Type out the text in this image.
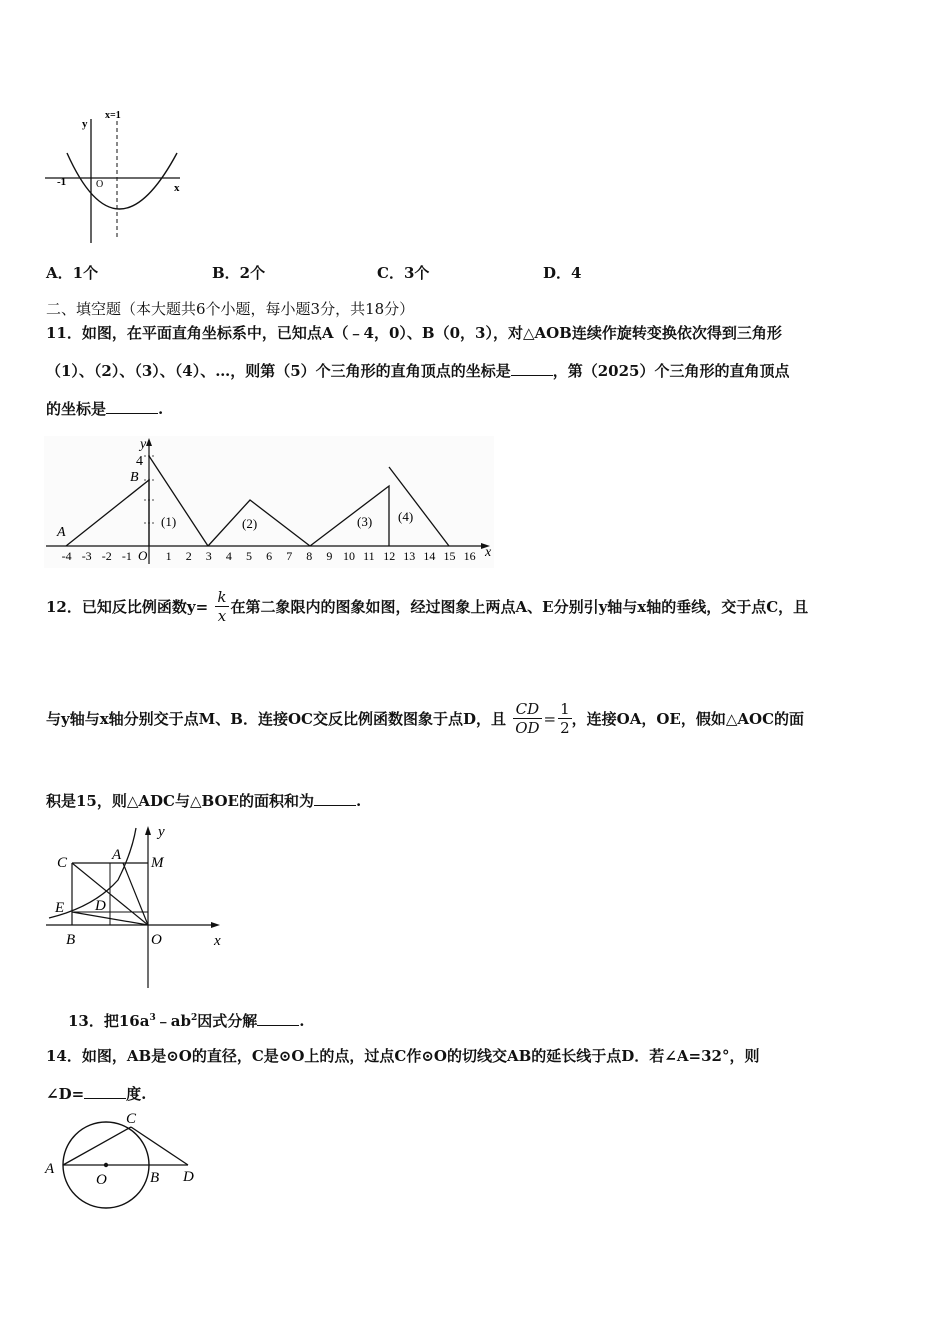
y
x=1
-1	O	x
A．1个	B．2个	C．3个	D．4
二、填空题（本大题共6个小题，每小题3分，共18分）
11．如图，在平面直角坐标系中，已知点A（﹣4，0）、B（0，3），对△AOB连续作旋转变换依次得到三角形
（1）、（2）、（3）、（4）、…，则第（5）个三角形的直角顶点的坐标是	，第（2025）个三角形的直角顶点
的坐标是	.
y
4
B
A
(1)	(2)	(3) (4)
x
-4 -3 -2 -1	1 2 3 4 5 6 7 8 9 10 11 12 13 14 15 16
O
12．已知反比例函数$y= \frac{k}{x}$ 在第二象限内的图象如图，经过图象上两点A、E分别引y轴与x轴的垂线，交于点C，且
与y轴与x轴分别交于点M、B．连接OC交反比例函数图象于点D，且 $\frac{CD}{OD} = \frac{1}{2}$ ，连接OA，OE，假如△AOC的面
积是15，则△ADC与△BOE的面积和为	.
C	A M
y
E D
B	O	x
13．把$16a^3﹣ab^2$因式分解	.
14．如图，AB是⊙O的直径，C是⊙O上的点，过点C作⊙O的切线交AB的延长线于点D．若∠A=32°，则
∠D=	度.
A
O	B
C
D
